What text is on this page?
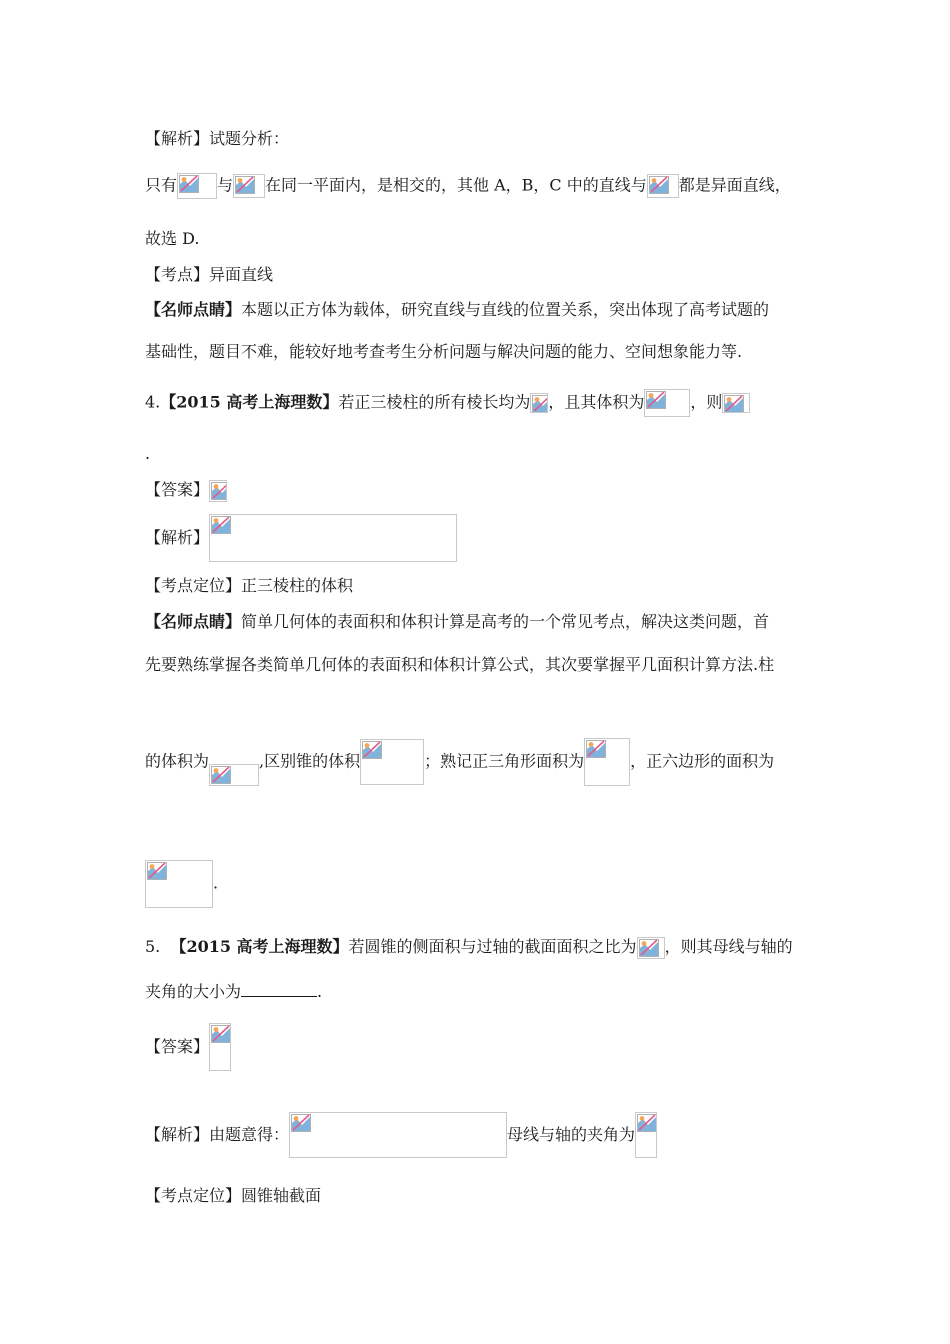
【解析】试题分析：
只有	与 在同一平面内，是相交的，其他 A，B，C 中的直线与 都是异面直线，
故选 D.
【考点】异面直线
【名师点睛】本题以正方体为载体，研究直线与直线的位置关系，突出体现了高考试题的
基础性，题目不难，能较好地考查考生分析问题与解决问题的能力、空间想象能力等.
4.【2015 高考上海理数】若正三棱柱的所有棱长均为 ，且其体积为	，则
.
【答案】
【解析】
【考点定位】正三棱柱的体积
【名师点睛】简单几何体的表面积和体积计算是高考的一个常见考点，解决这类问题，首
先要熟练掌握各类简单几何体的表面积和体积计算公式，其次要掌握平几面积计算方法.柱
的体积为	,区别锥的体积	；熟记正三角形面积为	，正六边形的面积为
.
5. 【2015 高考上海理数】若圆锥的侧面积与过轴的截面面积之比为 ，则其母线与轴的
夹角的大小为	.
【答案】
【解析】由题意得：	母线与轴的夹角为
【考点定位】圆锥轴截面
